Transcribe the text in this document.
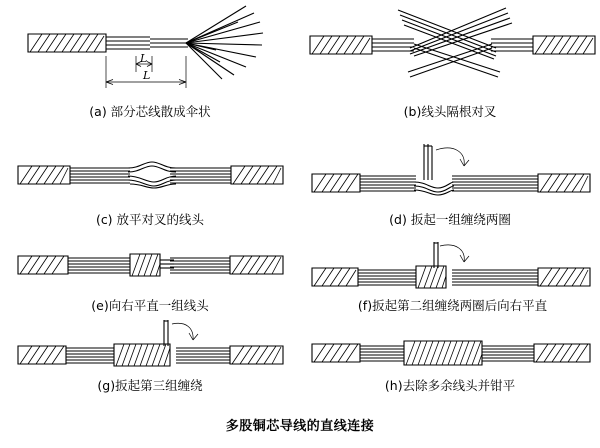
L
L
(a) 部分芯线散成伞状	(b)线头隔根对叉
(c) 放平对叉的线头	(d) 扳起一组缠绕两圈
(e)向右平直一组线头	(f)扳起第二组缠绕两圈后向右平直
(g)扳起第三组缠绕	(h)去除多余线头并钳平
多股铜芯导线的直线连接
